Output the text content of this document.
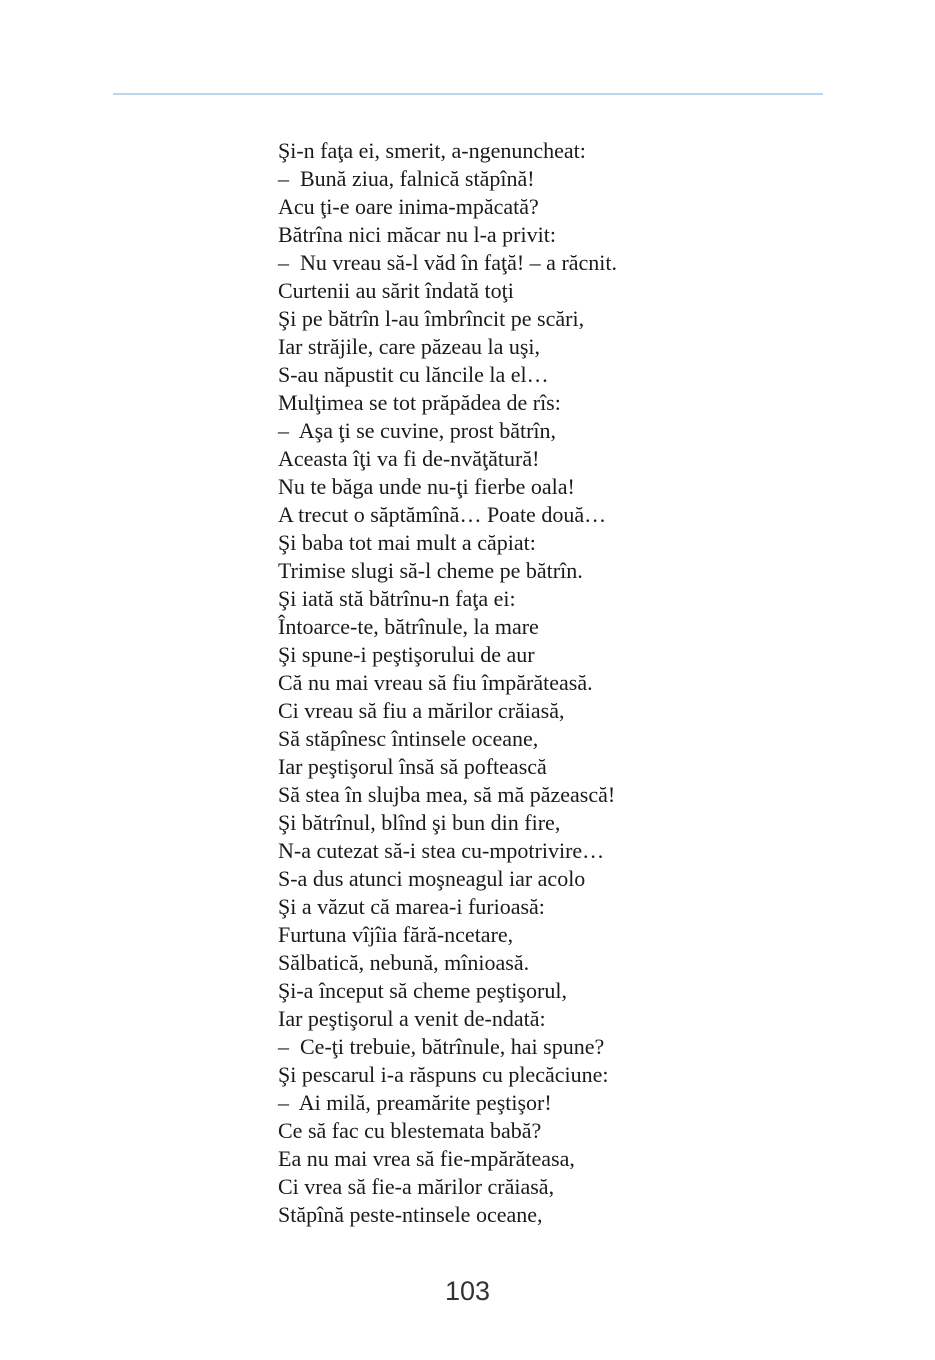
Şi-n faţa ei, smerit, a-ngenuncheat:
–  Bună ziua, falnică stăpînă!
Acu ţi-e oare inima-mpăcată?
Bătrîna nici măcar nu l-a privit:
–  Nu vreau să-l văd în faţă! – a răcnit.
Curtenii au sărit îndată toţi
Şi pe bătrîn l-au îmbrîncit pe scări,
Iar străjile, care păzeau la uşi,
S-au năpustit cu lăncile la el…
Mulţimea se tot prăpădea de rîs:
–  Aşa ţi se cuvine, prost bătrîn,
Aceasta îţi va fi de-nvăţătură!
Nu te băga unde nu-ţi fierbe oala!
A trecut o săptămînă… Poate două…
Şi baba tot mai mult a căpiat:
Trimise slugi să-l cheme pe bătrîn.
Şi iată stă bătrînu-n faţa ei:
Întoarce-te, bătrînule, la mare
Şi spune-i peştişorului de aur
Că nu mai vreau să fiu împărăteasă.
Ci vreau să fiu a mărilor crăiasă,
Să stăpînesc întinsele oceane,
Iar peştişorul însă să poftească
Să stea în slujba mea, să mă păzească!
Şi bătrînul, blînd şi bun din fire,
N-a cutezat să-i stea cu-mpotrivire…
S-a dus atunci moşneagul iar acolo
Şi a văzut că marea-i furioasă:
Furtuna vîjîia fără-ncetare,
Sălbatică, nebună, mînioasă.
Şi-a început să cheme peştişorul,
Iar peştişorul a venit de-ndată:
–  Ce-ţi trebuie, bătrînule, hai spune?
Şi pescarul i-a răspuns cu plecăciune:
–  Ai milă, preamărite peştişor!
Ce să fac cu blestemata babă?
Ea nu mai vrea să fie-mpărăteasa,
Ci vrea să fie-a mărilor crăiasă,
Stăpînă peste-ntinsele oceane,
103
